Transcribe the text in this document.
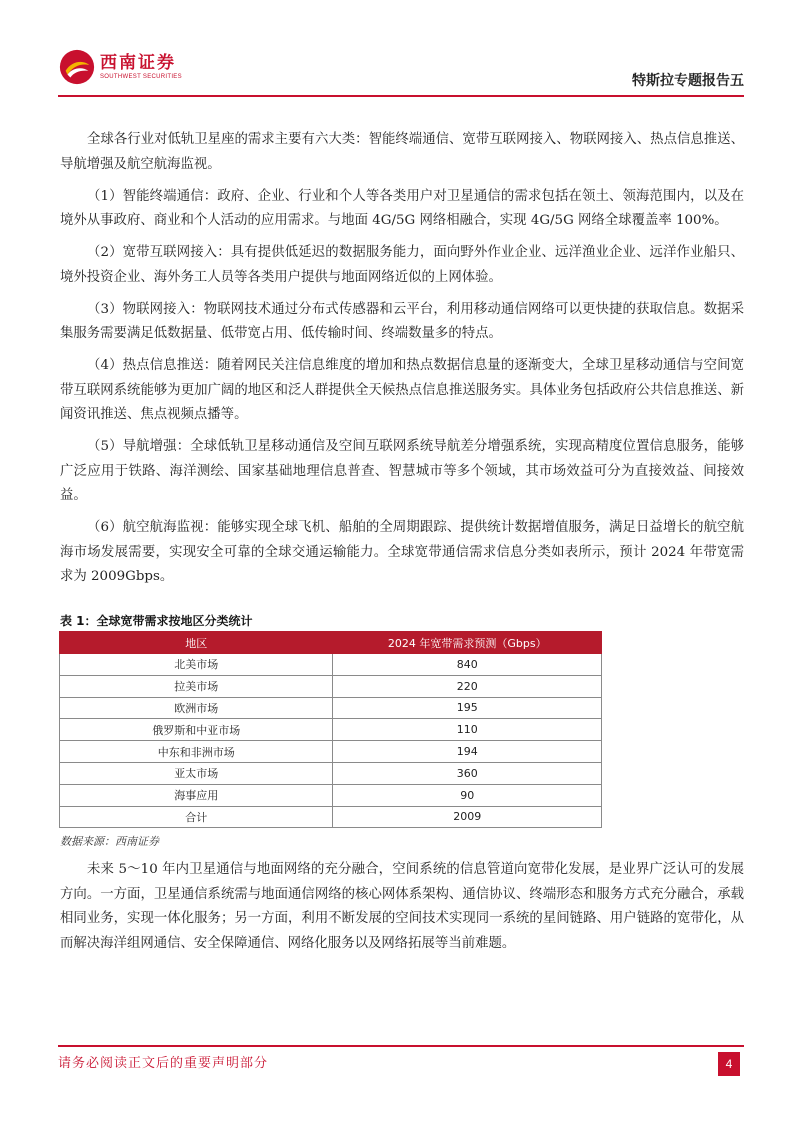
西南证券
SOUTHWEST SECURITIES	特斯拉专题报告五

全球各行业对低轨卫星座的需求主要有六大类：智能终端通信、宽带互联网接入、物联网接入、热点信息推送、导航增强及航空航海监视。

（1）智能终端通信：政府、企业、行业和个人等各类用户对卫星通信的需求包括在领土、领海范围内，以及在境外从事政府、商业和个人活动的应用需求。与地面 4G/5G 网络相融合，实现 4G/5G 网络全球覆盖率 100%。

（2）宽带互联网接入：具有提供低延迟的数据服务能力，面向野外作业企业、远洋渔业企业、远洋作业船只、境外投资企业、海外务工人员等各类用户提供与地面网络近似的上网体验。

（3）物联网接入：物联网技术通过分布式传感器和云平台，利用移动通信网络可以更快捷的获取信息。数据采集服务需要满足低数据量、低带宽占用、低传输时间、终端数量多的特点。

（4）热点信息推送：随着网民关注信息维度的增加和热点数据信息量的逐渐变大，全球卫星移动通信与空间宽带互联网系统能够为更加广阔的地区和泛人群提供全天候热点信息推送服务实。具体业务包括政府公共信息推送、新闻资讯推送、焦点视频点播等。

（5）导航增强：全球低轨卫星移动通信及空间互联网系统导航差分增强系统，实现高精度位置信息服务，能够广泛应用于铁路、海洋测绘、国家基础地理信息普查、智慧城市等多个领域，其市场效益可分为直接效益、间接效益。

（6）航空航海监视：能够实现全球飞机、船舶的全周期跟踪、提供统计数据增值服务，满足日益增长的航空航海市场发展需要，实现安全可靠的全球交通运输能力。全球宽带通信需求信息分类如表所示，预计 2024 年带宽需求为 2009Gbps。

表 1：全球宽带需求按地区分类统计
地区	2024 年宽带需求预测（Gbps）
北美市场	840
拉美市场	220
欧洲市场	195
俄罗斯和中亚市场	110
中东和非洲市场	194
亚太市场	360
海事应用	90
合计	2009
数据来源：西南证券

未来 5～10 年内卫星通信与地面网络的充分融合，空间系统的信息管道向宽带化发展，是业界广泛认可的发展方向。一方面，卫星通信系统需与地面通信网络的核心网体系架构、通信协议、终端形态和服务方式充分融合，承载相同业务，实现一体化服务；另一方面，利用不断发展的空间技术实现同一系统的星间链路、用户链路的宽带化，从而解决海洋组网通信、安全保障通信、网络化服务以及网络拓展等当前难题。

请务必阅读正文后的重要声明部分	4
